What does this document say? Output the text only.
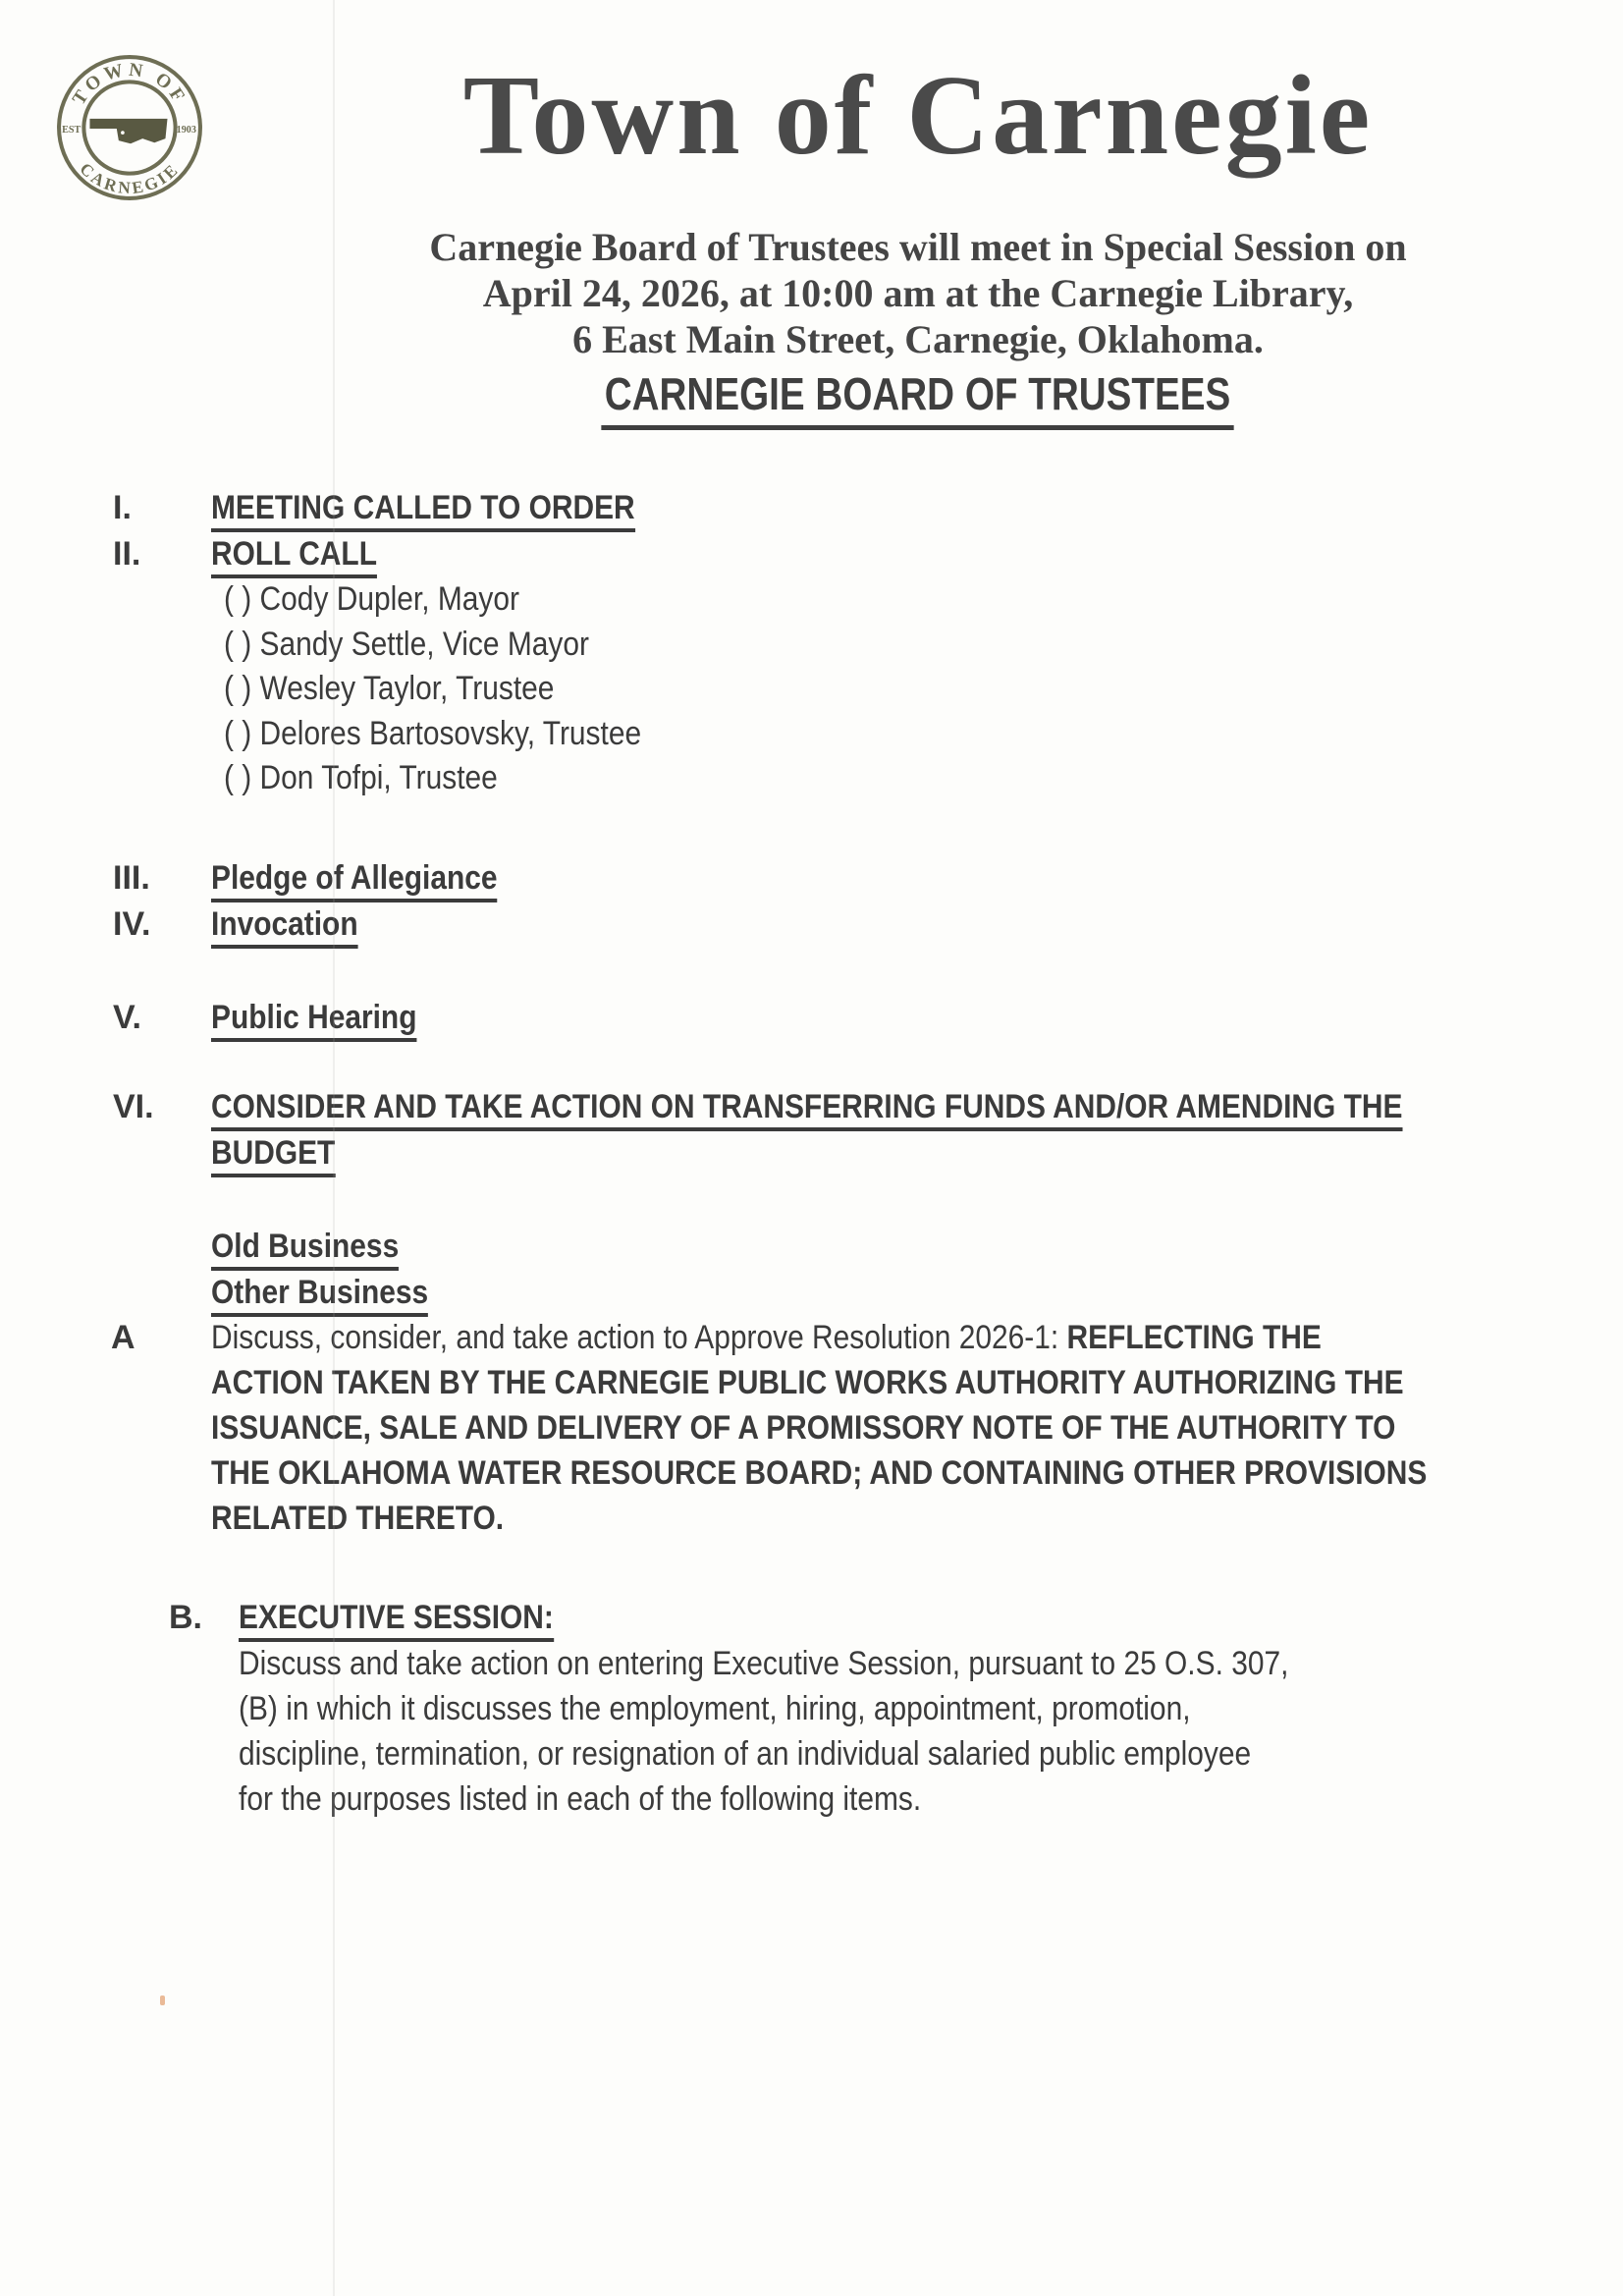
TOWN OF
CARNEGIE
EST	1903	Town of Carnegie
Carnegie Board of Trustees will meet in Special Session on
April 24, 2026, at 10:00 am at the Carnegie Library,
6 East Main Street, Carnegie, Oklahoma.
CARNEGIE BOARD OF TRUSTEES
I. MEETING CALLED TO ORDER
II. ROLL CALL
( ) Cody Dupler, Mayor
( ) Sandy Settle, Vice Mayor
( ) Wesley Taylor, Trustee
( ) Delores Bartosovsky, Trustee
( ) Don Tofpi, Trustee
III. Pledge of Allegiance
IV. Invocation
V. Public Hearing
VI. CONSIDER AND TAKE ACTION ON TRANSFERRING FUNDS AND/OR AMENDING THE
BUDGET
Old Business
Other Business
A Discuss, consider, and take action to Approve Resolution 2026-1: REFLECTING THE
ACTION TAKEN BY THE CARNEGIE PUBLIC WORKS AUTHORITY AUTHORIZING THE
ISSUANCE, SALE AND DELIVERY OF A PROMISSORY NOTE OF THE AUTHORITY TO
THE OKLAHOMA WATER RESOURCE BOARD; AND CONTAINING OTHER PROVISIONS
RELATED THERETO.
B. EXECUTIVE SESSION:
Discuss and take action on entering Executive Session, pursuant to 25 O.S. 307,
(B) in which it discusses the employment, hiring, appointment, promotion,
discipline, termination, or resignation of an individual salaried public employee
for the purposes listed in each of the following items.
